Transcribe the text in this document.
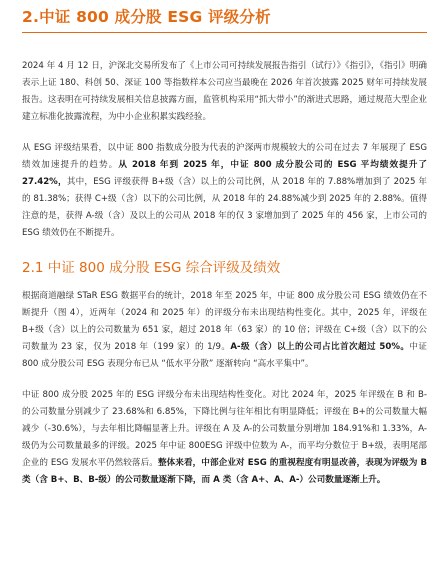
2.中证 800 成分股 ESG 评级分析

2024 年 4 月 12 日，沪深北交易所发布了《上市公司可持续发展报告指引（试行）》《指引》，《指引》明确表示上证 180、科创 50、深证 100 等指数样本公司应当最晚在 2026 年首次披露 2025 财年可持续发展报告。这表明在可持续发展相关信息披露方面，监管机构采用“抓大带小”的渐进式思路，通过规范大型企业建立标准化披露流程，为中小企业积累实践经验。

从 ESG 评级结果看，以中证 800 指数成分股为代表的沪深两市规模较大的公司在过去 7 年展现了 ESG 绩效加速提升的趋势。从 2018 年到 2025 年，中证 800 成分股公司的 ESG 平均绩效提升了 27.42%，其中，ESG 评级获得 B+级（含）以上的公司比例，从 2018 年的 7.88%增加到了 2025 年的 81.38%；获得 C+级（含）以下的公司比例，从 2018 年的 24.88%减少到 2025 年的 2.88%。值得注意的是，获得 A-级（含）及以上的公司从 2018 年的仅 3 家增加到了 2025 年的 456 家，上市公司的 ESG 绩效仍在不断提升。

2.1 中证 800 成分股 ESG 综合评级及绩效

根据商道融绿 STaR ESG 数据平台的统计，2018 年至 2025 年，中证 800 成分股公司 ESG 绩效仍在不断提升（图 4），近两年（2024 和 2025 年）的评级分布未出现结构性变化。其中，2025 年，评级在 B+级（含）以上的公司数量为 651 家，超过 2018 年（63 家）的 10 倍；评级在 C+级（含）以下的公司数量为 23 家，仅为 2018 年（199 家）的 1/9。A-级（含）以上的公司占比首次超过 50%。中证 800 成分股公司 ESG 表现分布已从 “低水平分散” 逐渐转向 “高水平集中”。

中证 800 成分股 2025 年的 ESG 评级分布未出现结构性变化。对比 2024 年，2025 年评级在 B 和 B-的公司数量分别减少了 23.68%和 6.85%，下降比例与往年相比有明显降低；评级在 B+的公司数量大幅减少（-30.6%），与去年相比降幅显著上升。评级在 A 及 A-的公司数量分别增加 184.91%和 1.33%，A-级仍为公司数量最多的评级。2025 年中证 800ESG 评级中位数为 A-，而平均分数位于 B+级，表明尾部企业的 ESG 发展水平仍然较落后。整体来看，中部企业对 ESG 的重视程度有明显改善，表现为评级为 B 类（含 B+、B、B-级）的公司数量逐渐下降，而 A 类（含 A+、A、A-）公司数量逐渐上升。
